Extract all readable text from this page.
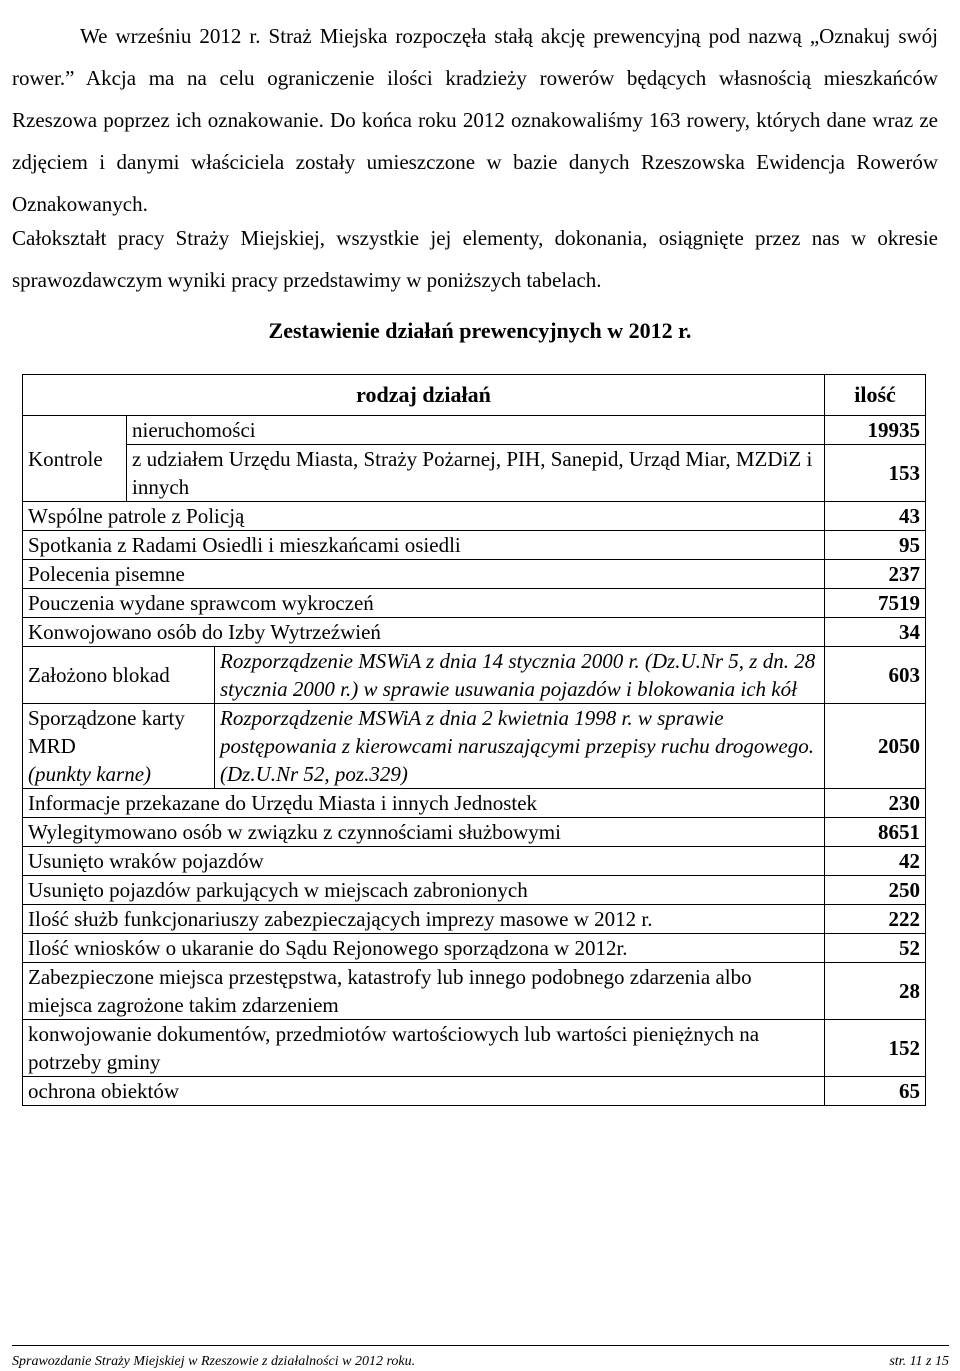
We wrześniu 2012 r. Straż Miejska rozpoczęła stałą akcję prewencyjną pod nazwą „Oznakuj swój rower.” Akcja ma na celu ograniczenie ilości kradzieży rowerów będących własnością mieszkańców Rzeszowa poprzez ich oznakowanie. Do końca roku 2012 oznakowaliśmy 163 rowery, których dane wraz ze zdjęciem i danymi właściciela zostały umieszczone w bazie danych Rzeszowska Ewidencja Rowerów Oznakowanych.

Całokształt pracy Straży Miejskiej, wszystkie jej elementy, dokonania, osiągnięte przez nas w okresie sprawozdawczym wyniki pracy przedstawimy w poniższych tabelach.

Zestawienie działań prewencyjnych w 2012 r.
rodzaj działań			ilość
Kontrole	nieruchomości		19935
	z udziałem Urzędu Miasta, Straży Pożarnej, PIH, Sanepid, Urząd Miar, MZDiZ i innych		153
Wspólne patrole z Policją			43
Spotkania z Radami Osiedli i mieszkańcami osiedli			95
Polecenia pisemne			237
Pouczenia wydane sprawcom wykroczeń			7519
Konwojowano osób do Izby Wytrzeźwień			34
Założono blokad		Rozporządzenie MSWiA z dnia 14 stycznia 2000 r. (Dz.U.Nr 5, z dn. 28 stycznia 2000 r.) w sprawie usuwania pojazdów i blokowania ich kół	603
Sporządzone karty MRD
(punkty karne)		Rozporządzenie MSWiA z dnia 2 kwietnia 1998 r. w sprawie postępowania z kierowcami naruszającymi przepisy ruchu drogowego. (Dz.U.Nr 52, poz.329)	2050
Informacje przekazane do Urzędu Miasta i innych Jednostek			230
Wylegitymowano osób w związku z czynnościami służbowymi			8651
Usunięto wraków pojazdów			42
Usunięto pojazdów parkujących w miejscach zabronionych			250
Ilość służb funkcjonariuszy zabezpieczających imprezy masowe w 2012 r.			222
Ilość wniosków o ukaranie do Sądu Rejonowego sporządzona w 2012r.			52
Zabezpieczone miejsca przestępstwa, katastrofy lub innego podobnego zdarzenia albo miejsca zagrożone takim zdarzeniem			28
konwojowanie dokumentów, przedmiotów wartościowych lub wartości pieniężnych na potrzeby gminy			152
ochrona obiektów			65
Sprawozdanie Straży Miejskiej w Rzeszowie z działalności w 2012 roku.	str. 11 z 15
